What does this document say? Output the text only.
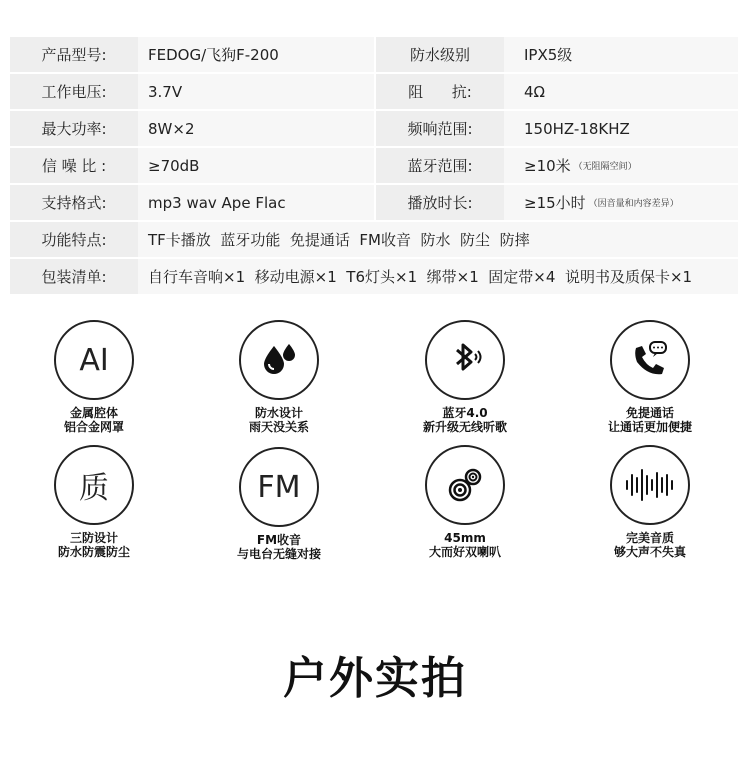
产品型号:	FEDOG/飞狗F-200	防水级别	IPX5级
工作电压:	3.7V	阻      抗:	4Ω
最大功率:	8W×2	频响范围:	150HZ-18KHZ
信 噪 比 :	≥70dB	蓝牙范围:	≥10米	（ 无阻隔空间 ）
支持格式:	mp3 wav Ape Flac	播放时长:	≥15小时	（ 因音量和内容差异 ）
功能特点:	TF卡播放  蓝牙功能  免提通话  FM收音  防水  防尘  防摔
包装清单:	自行车音响×1  移动电源×1  T6灯头×1  绑带×1  固定带×4  说明书及质保卡×1
AI
金属腔体
铝合金网罩
防水设计
雨天没关系
蓝牙4.0
新升级无线听歌
免提通话
让通话更加便捷
质
三防设计
防水防震防尘
FM
FM收音
与电台无缝对接
45mm
大而好双喇叭
完美音质
够大声不失真
户外实拍
